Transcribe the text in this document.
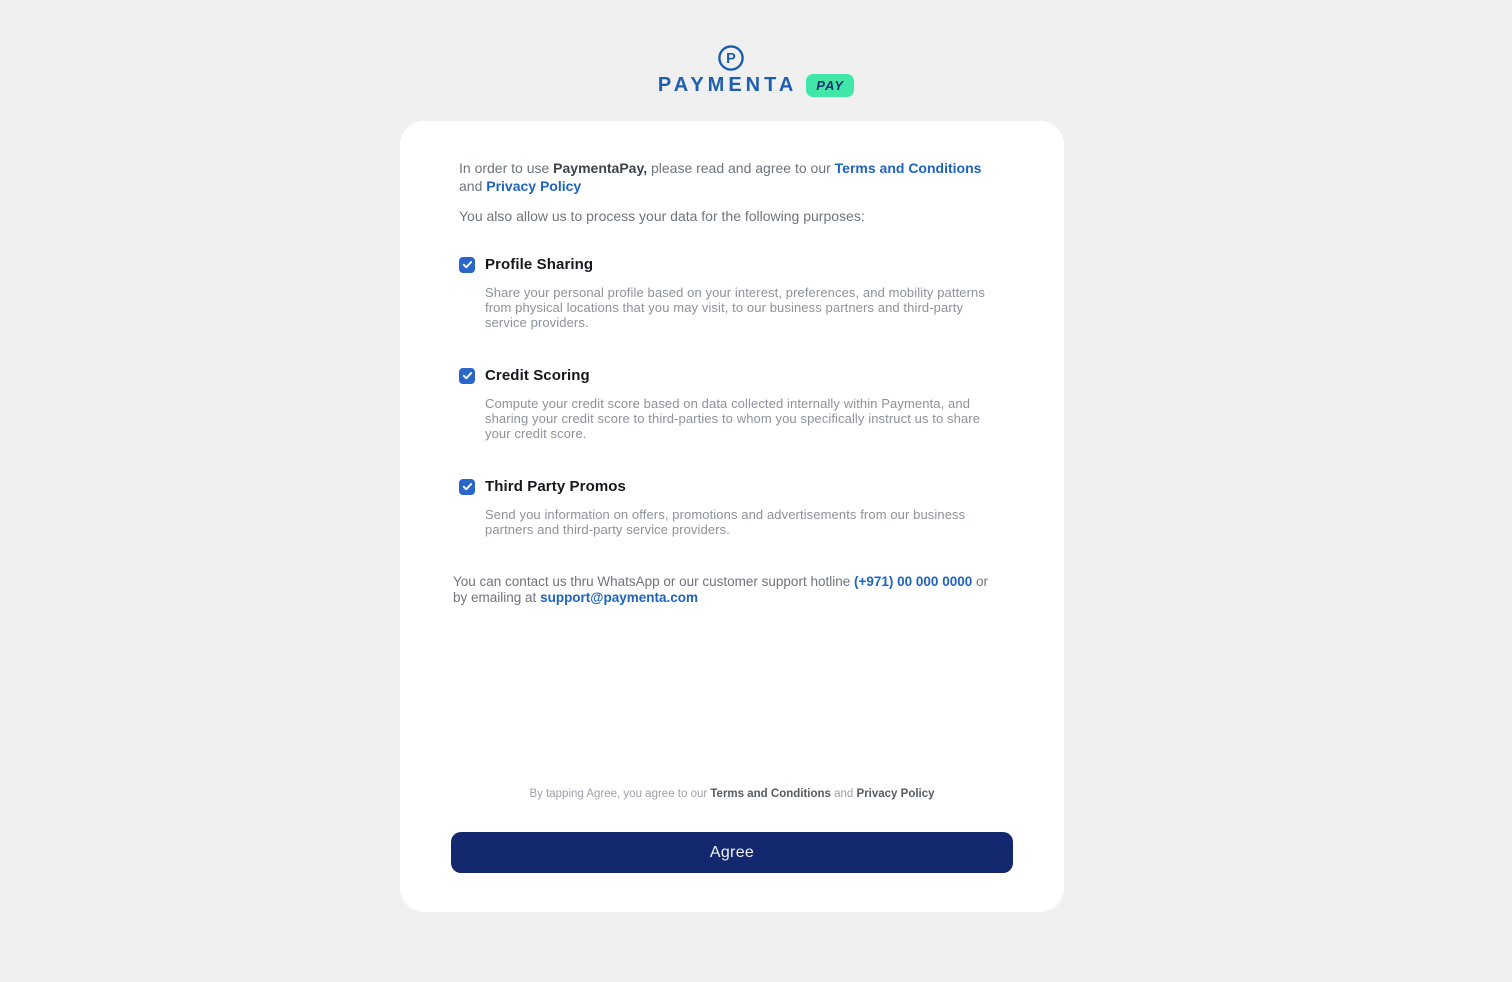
P
PAYMENTA	PAY

In order to use PaymentaPay, please read and agree to our Terms and Conditions and Privacy Policy

You also allow us to process your data for the following purposes:

Profile Sharing
Share your personal profile based on your interest, preferences, and mobility patterns from physical locations that you may visit, to our business partners and third-party service providers.
Credit Scoring
Compute your credit score based on data collected internally within Paymenta, and sharing your credit score to third-parties to whom you specifically instruct us to share your credit score.
Third Party Promos
Send you information on offers, promotions and advertisements from our business partners and third-party service providers.

You can contact us thru WhatsApp or our customer support hotline (+971) 00 000 0000 or by emailing at support@paymenta.com

By tapping Agree, you agree to our Terms and Conditions and Privacy Policy

Agree
